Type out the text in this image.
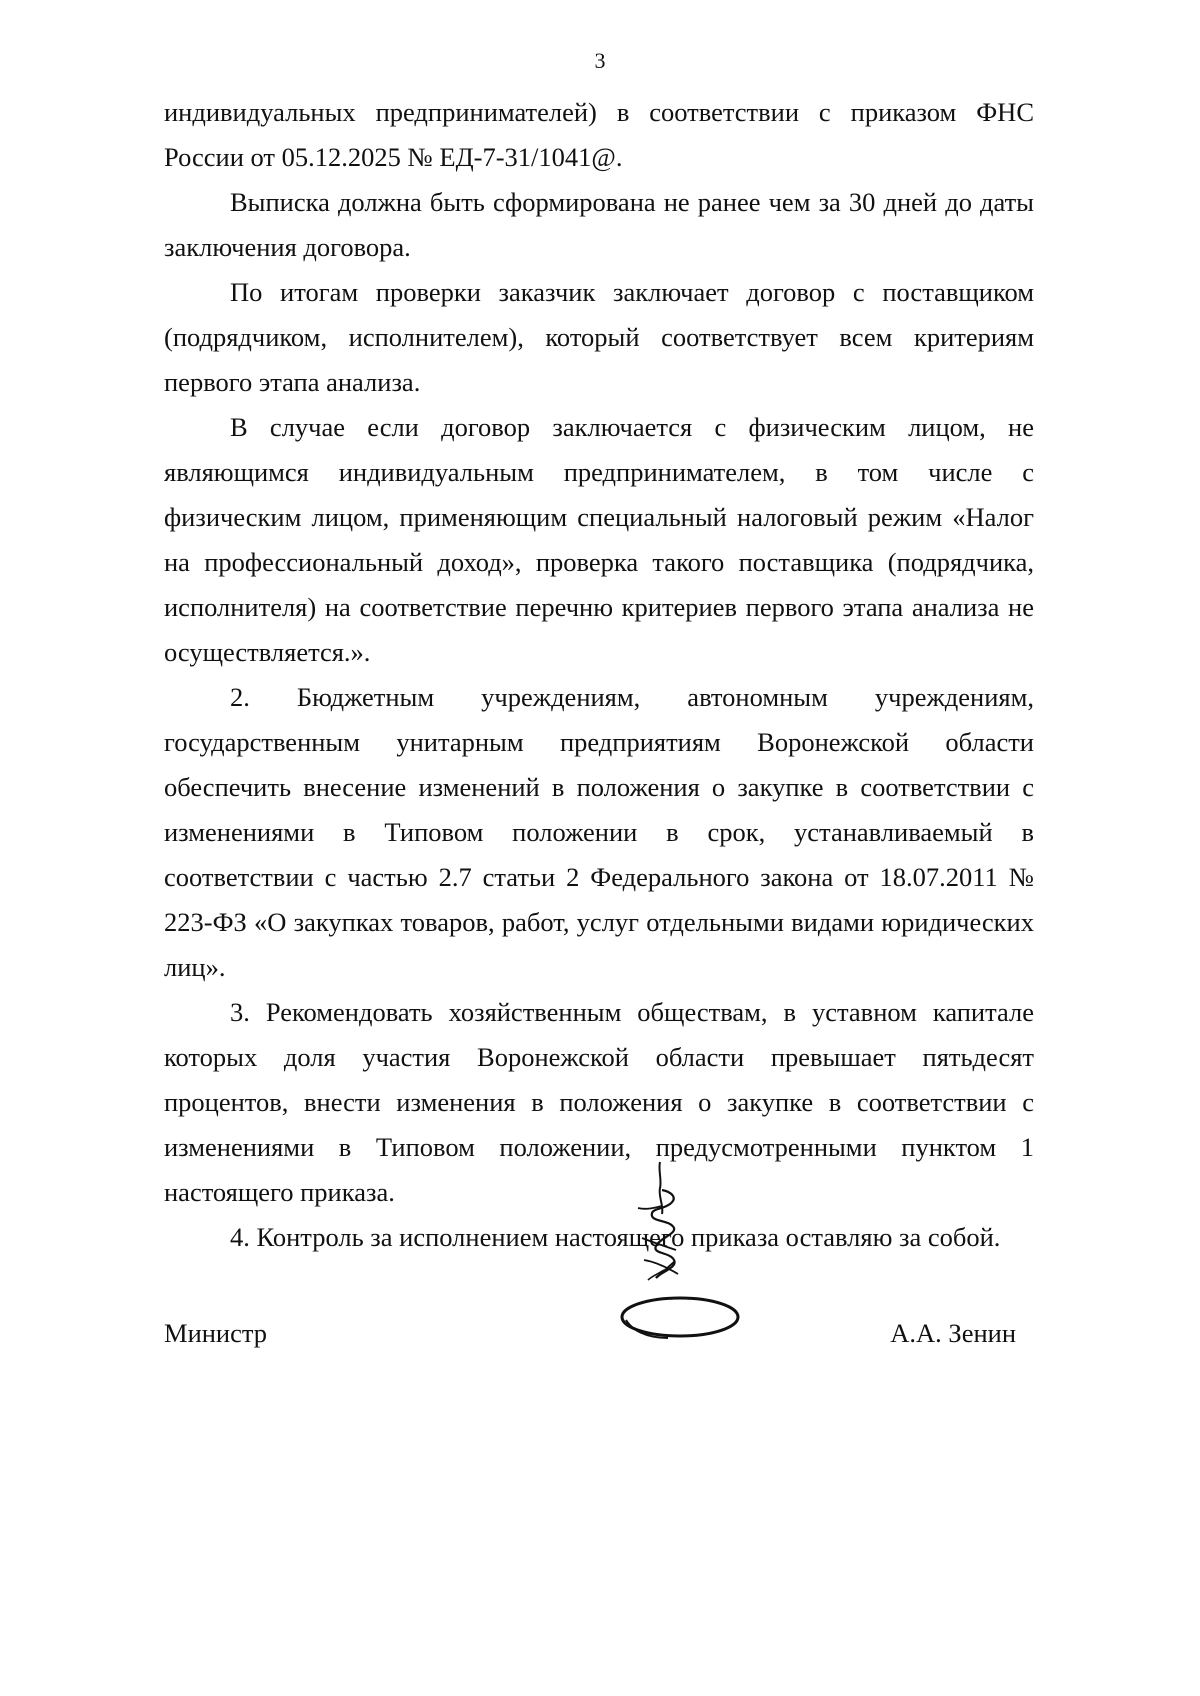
3

индивидуальных предпринимателей) в соответствии с приказом ФНС России от 05.12.2025 № ЕД-7-31/1041@.

Выписка должна быть сформирована не ранее чем за 30 дней до даты заключения договора.

По итогам проверки заказчик заключает договор с поставщиком (подрядчиком, исполнителем), который соответствует всем критериям первого этапа анализа.

В случае если договор заключается с физическим лицом, не являющимся индивидуальным предпринимателем, в том числе с физическим лицом, применяющим специальный налоговый режим «Налог на профессиональный доход», проверка такого поставщика (подрядчика, исполнителя) на соответствие перечню критериев первого этапа анализа не осуществляется.».

2. Бюджетным учреждениям, автономным учреждениям, государственным унитарным предприятиям Воронежской области обеспечить внесение изменений в положения о закупке в соответствии с изменениями в Типовом положении в срок, устанавливаемый в соответствии с частью 2.7 статьи 2 Федерального закона от 18.07.2011 № 223-ФЗ «О закупках товаров, работ, услуг отдельными видами юридических лиц».

3. Рекомендовать хозяйственным обществам, в уставном капитале которых доля участия Воронежской области превышает пятьдесят процентов, внести изменения в положения о закупке в соответствии с изменениями в Типовом положении, предусмотренными пунктом 1 настоящего приказа.

4. Контроль за исполнением настоящего приказа оставляю за собой.

Министр	А.А. Зенин
